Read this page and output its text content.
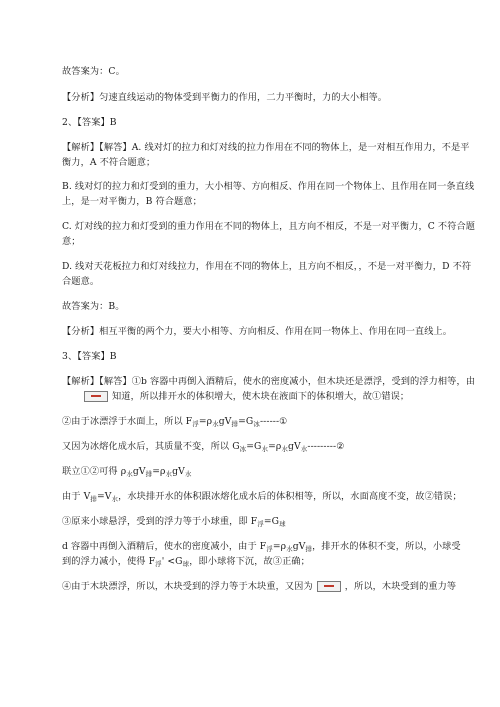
故答案为：C。
【分析】匀速直线运动的物体受到平衡力的作用，二力平衡时，力的大小相等。
2、【答案】B
【解析】【解答】A. 线对灯的拉力和灯对线的拉力作用在不同的物体上，是一对相互作用力，不是平
衡力，A 不符合题意；
B. 线对灯的拉力和灯受到的重力，大小相等、方向相反、作用在同一个物体上、且作用在同一条直线
上，是一对平衡力，B 符合题意；
C. 灯对线的拉力和灯受到的重力作用在不同的物体上，且方向不相反，不是一对平衡力，C 不符合题
意；
D. 线对天花板拉力和灯对线拉力，作用在不同的物体上，且方向不相反，，不是一对平衡力，D 不符
合题意。
故答案为：B。
【分析】相互平衡的两个力，要大小相等、方向相反、作用在同一物体上、作用在同一直线上。
3、【答案】B
【解析】【解答】①b 容器中再倒入酒精后，使水的密度减小，但木块还是漂浮，受到的浮力相等，由
知道，所以排开水的体积增大，使木块在液面下的体积增大，故①错误；
②由于冰漂浮于水面上，所以 $F_浮=\rho_水gV_排=G_冰------①$
又因为冰熔化成水后，其质量不变，所以 $G_冰=G_水=\rho_水gV_水---------②$
联立①②可得 $\rho_水gV_排=\rho_水gV_水$
由于 $V_排=V_水$，水块排开水的体积跟冰熔化成水后的体积相等，所以，水面高度不变，故②错误；
③原来小球悬浮，受到的浮力等于小球重，即 $F_浮=G_球$
d 容器中再倒入酒精后，使水的密度减小，由于 $F_浮=\rho_水gV_排$，排开水的体积不变，所以，小球受
到的浮力减小，使得 $F_浮' <G_球$，即小球将下沉，故③正确；
④由于木块漂浮，所以，木块受到的浮力等于木块重，又因为	，所以，木块受到的重力等
